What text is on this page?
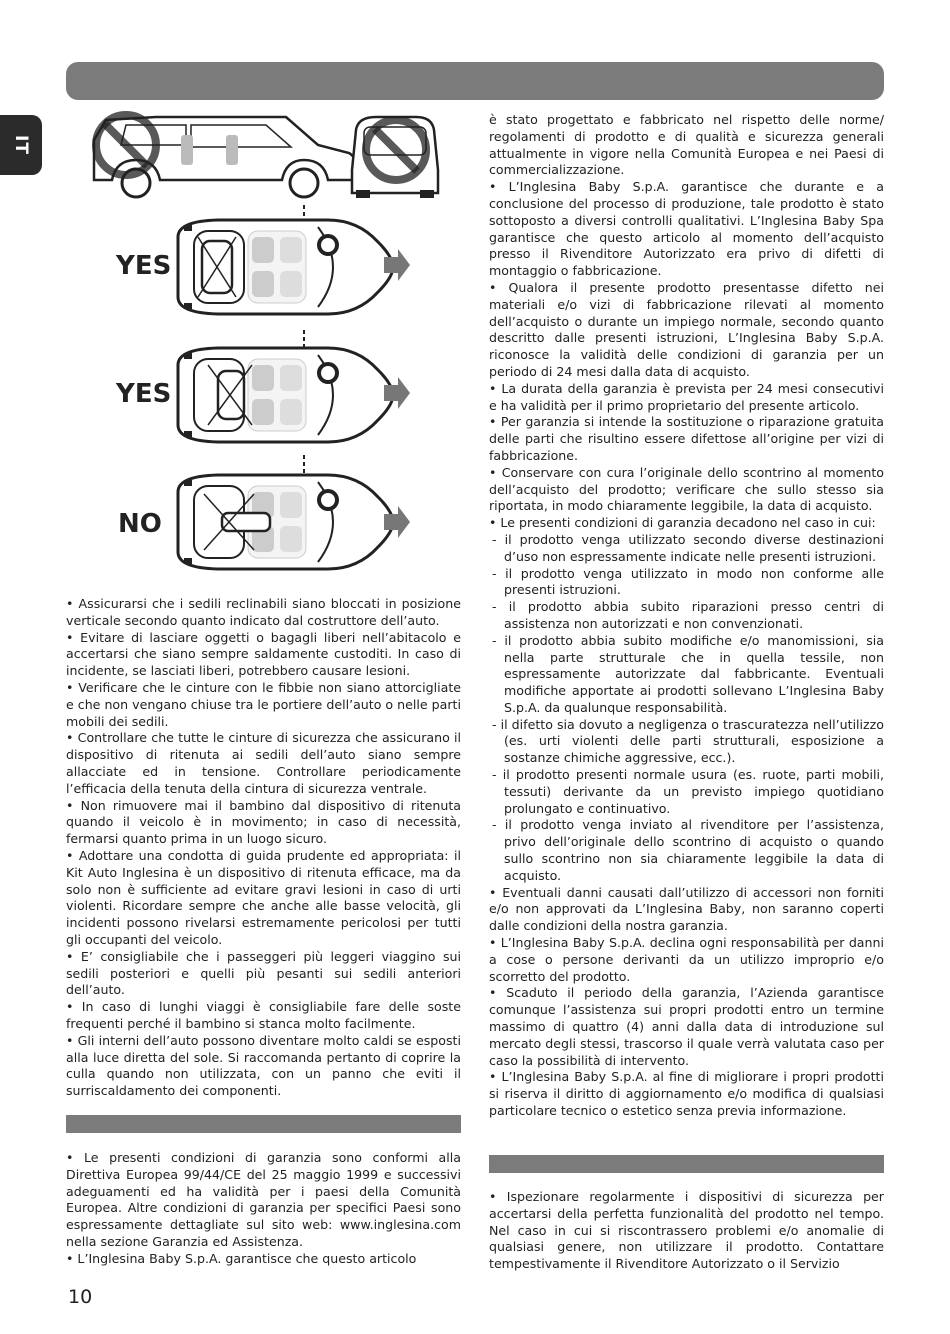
IT
YES
YES
NO

• Assicurarsi che i sedili reclinabili siano bloccati in posizione verticale secondo quanto indicato dal costruttore dell’auto.

• Evitare di lasciare oggetti o bagagli liberi nell’abitacolo e accertarsi che siano sempre saldamente custoditi. In caso di incidente, se lasciati liberi, potrebbero causare lesioni.

• Verificare che le cinture con le fibbie non siano attorcigliate e che non vengano chiuse tra le portiere dell’auto o nelle parti mobili dei sedili.

• Controllare che tutte le cinture di sicurezza che assicurano il dispositivo di ritenuta ai sedili dell’auto siano sempre allacciate ed in tensione. Controllare periodicamente l’efficacia della tenuta della cintura di sicurezza ventrale.

• Non rimuovere mai il bambino dal dispositivo di ritenuta quando il veicolo è in movimento; in caso di necessità, fermarsi quanto prima in un luogo sicuro.

• Adottare una condotta di guida prudente ed appropriata: il Kit Auto Inglesina è un dispositivo di ritenuta efficace, ma da solo non è sufficiente ad evitare gravi lesioni in caso di urti violenti. Ricordare sempre che anche alle basse velocità, gli incidenti possono rivelarsi estremamente pericolosi per tutti gli occupanti del veicolo.

• E’ consigliabile che i passeggeri più leggeri viaggino sui sedili posteriori e quelli più pesanti sui sedili anteriori dell’auto.

• In caso di lunghi viaggi è consigliabile fare delle soste frequenti perché il bambino si stanca molto facilmente.

• Gli interni dell’auto possono diventare molto caldi se esposti alla luce diretta del sole. Si raccomanda pertanto di coprire la culla quando non utilizzata, con un panno che eviti il surriscaldamento dei componenti.

• Le presenti condizioni di garanzia sono conformi alla Direttiva Europea 99/44/CE del 25 maggio 1999 e successivi adeguamenti ed ha validità per i paesi della Comunità Europea. Altre condizioni di garanzia per specifici Paesi sono espressamente dettagliate sul sito web: www.inglesina.com nella sezione Garanzia ed Assistenza.

• L’Inglesina Baby S.p.A. garantisce che questo articolo

è stato progettato e fabbricato nel rispetto delle norme/ regolamenti di prodotto e di qualità e sicurezza generali attualmente in vigore nella Comunità Europea e nei Paesi di commercializzazione.

• L’Inglesina Baby S.p.A. garantisce che durante e a conclusione del processo di produzione, tale prodotto è stato sottoposto a diversi controlli qualitativi. L’Inglesina Baby Spa garantisce che questo articolo al momento dell’acquisto presso il Rivenditore Autorizzato era privo di difetti di montaggio o fabbricazione.

• Qualora il presente prodotto presentasse difetto nei materiali e/o vizi di fabbricazione rilevati al momento dell’acquisto o durante un impiego normale, secondo quanto descritto dalle presenti istruzioni, L’Inglesina Baby S.p.A. riconosce la validità delle condizioni di garanzia per un periodo di 24 mesi dalla data di acquisto.

• La durata della garanzia è prevista per 24 mesi consecutivi e ha validità per il primo proprietario del presente articolo.

• Per garanzia si intende la sostituzione o riparazione gratuita delle parti che risultino essere difettose all’origine per vizi di fabbricazione.

• Conservare con cura l’originale dello scontrino al momento dell’acquisto del prodotto; verificare che sullo stesso sia riportata, in modo chiaramente leggibile, la data di acquisto.

• Le presenti condizioni di garanzia decadono nel caso in cui:

- il prodotto venga utilizzato secondo diverse destinazioni d’uso non espressamente indicate nelle presenti istruzioni.

- il prodotto venga utilizzato in modo non conforme alle presenti istruzioni.

- il prodotto abbia subito riparazioni presso centri di assistenza non autorizzati e non convenzionati.

- il prodotto abbia subito modifiche e/o manomissioni, sia nella parte strutturale che in quella tessile, non espressamente autorizzate dal fabbricante. Eventuali modifiche apportate ai prodotti sollevano L’Inglesina Baby S.p.A. da qualunque responsabilità.

- il difetto sia dovuto a negligenza o trascuratezza nell’utilizzo (es. urti violenti delle parti strutturali, esposizione a sostanze chimiche aggressive, ecc.).

- il prodotto presenti normale usura (es. ruote, parti mobili, tessuti) derivante da un previsto impiego quotidiano prolungato e continuativo.

- il prodotto venga inviato al rivenditore per l’assistenza, privo dell’originale dello scontrino di acquisto o quando sullo scontrino non sia chiaramente leggibile la data di acquisto.

• Eventuali danni causati dall’utilizzo di accessori non forniti e/o non approvati da L’Inglesina Baby, non saranno coperti dalle condizioni della nostra garanzia.

• L’Inglesina Baby S.p.A. declina ogni responsabilità per danni a cose o persone derivanti da un utilizzo improprio e/o scorretto del prodotto.

• Scaduto il periodo della garanzia, l’Azienda garantisce comunque l’assistenza sui propri prodotti entro un termine massimo di quattro (4) anni dalla data di introduzione sul mercato degli stessi, trascorso il quale verrà valutata caso per caso la possibilità di intervento.

• L’Inglesina Baby S.p.A. al fine di migliorare i propri prodotti si riserva il diritto di aggiornamento e/o modifica di qualsiasi particolare tecnico o estetico senza previa informazione.

• Ispezionare regolarmente i dispositivi di sicurezza per accertarsi della perfetta funzionalità del prodotto nel tempo. Nel caso in cui si riscontrassero problemi e/o anomalie di qualsiasi genere, non utilizzare il prodotto. Contattare tempestivamente il Rivenditore Autorizzato o il Servizio

10
